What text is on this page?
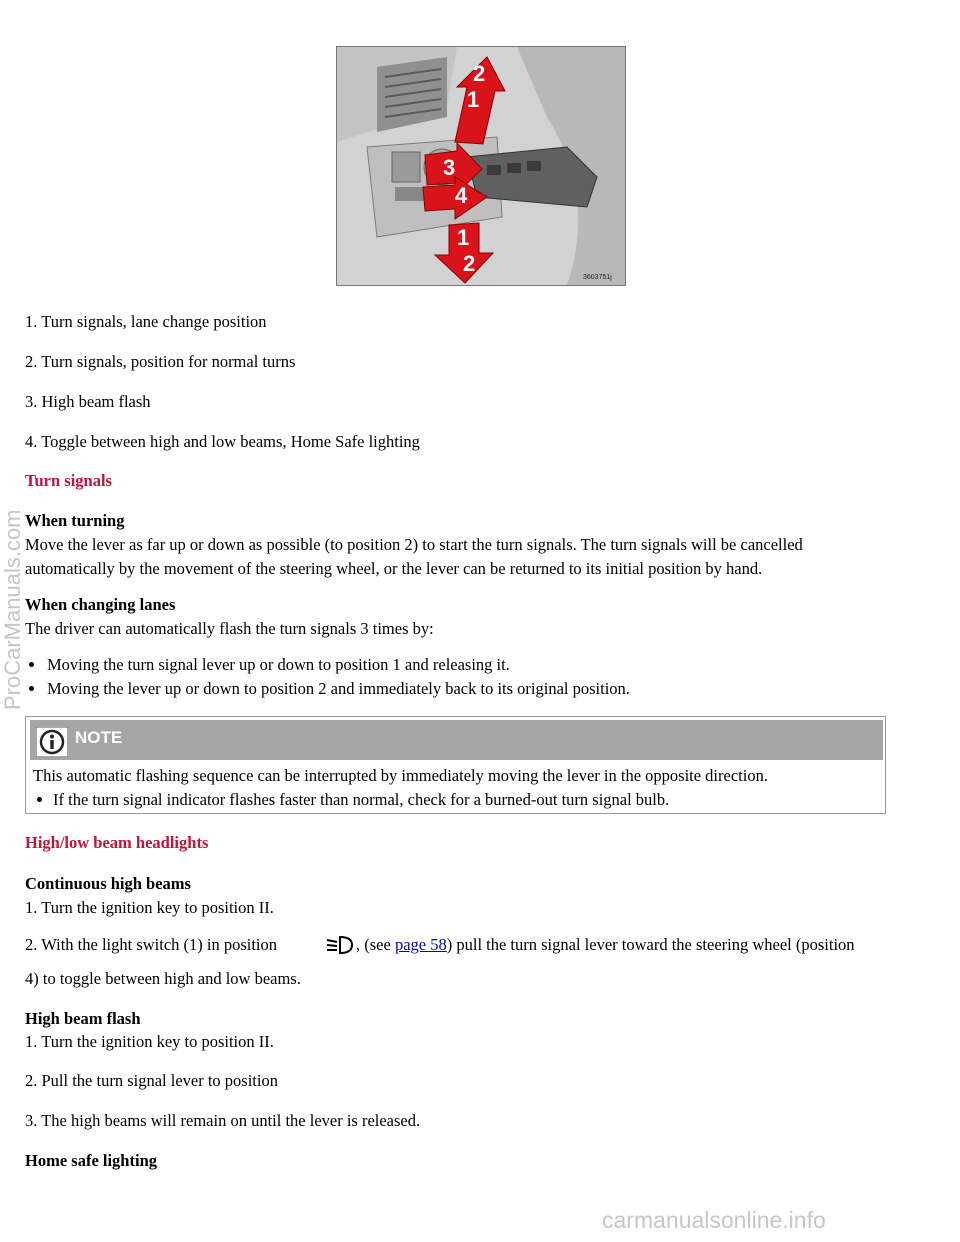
2
1
3
4
1
2
3603751j
1. Turn signals, lane change position
2. Turn signals, position for normal turns
3. High beam flash
4. Toggle between high and low beams, Home Safe lighting
Turn signals
When turning
Move the lever as far up or down as possible (to position 2) to start the turn signals. The turn signals will be cancelled
automatically by the movement of the steering wheel, or the lever can be returned to its initial position by hand.
When changing lanes
The driver can automatically flash the turn signals 3 times by:
Moving the turn signal lever up or down to position 1 and releasing it.
Moving the lever up or down to position 2 and immediately back to its original position.
NOTE
This automatic flashing sequence can be interrupted by immediately moving the lever in the opposite direction.
If the turn signal indicator flashes faster than normal, check for a burned-out turn signal bulb.
High/low beam headlights
Continuous high beams
1. Turn the ignition key to position II.
2. With the light switch (1) in position	, (see page 58) pull the turn signal lever toward the steering wheel (position
4) to toggle between high and low beams.
High beam flash
1. Turn the ignition key to position II.
2. Pull the turn signal lever to position
3. The high beams will remain on until the lever is released.
Home safe lighting
ProCarManuals.com
carmanualsonline.info
